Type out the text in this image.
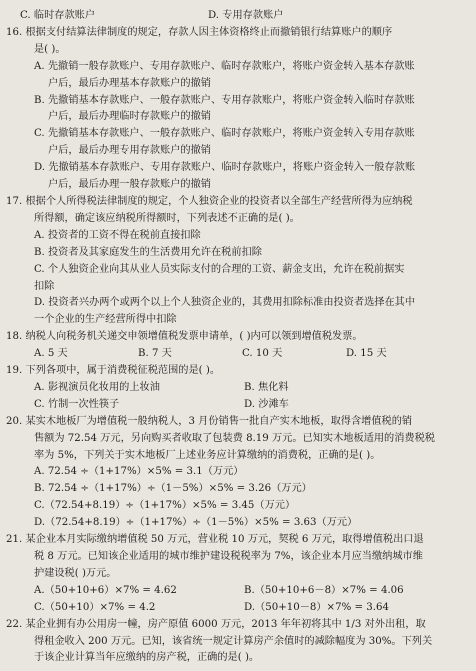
C. 临时存款账户	D. 专用存款账户
16. 根据支付结算法律制度的规定，存款人因主体资格终止而撤销银行结算账户的顺序
是( )。
A. 先撤销一般存款账户、专用存款账户、临时存款账户，将账户资金转入基本存款账
户后，最后办理基本存款账户的撤销
B. 先撤销基本存款账户、一般存款账户、专用存款账户，将账户资金转入临时存款账
户后，最后办理临时存款账户的撤销
C. 先撤销基本存款账户、一般存款账户、临时存款账户，将账户资金转入专用存款账
户后，最后办理专用存款账户的撤销
D. 先撤销基本存款账户、专用存款账户、临时存款账户，将账户资金转入一般存款账
户后，最后办理一般存款账户的撤销
17. 根据个人所得税法律制度的规定，个人独资企业的投资者以全部生产经营所得为应纳税
所得额，确定该应纳税所得额时，下列表述不正确的是( )。
A. 投资者的工资不得在税前直接扣除
B. 投资者及其家庭发生的生活费用允许在税前扣除
C. 个人独资企业向其从业人员实际支付的合理的工资、薪金支出，允许在税前据实
扣除
D. 投资者兴办两个或两个以上个人独资企业的，其费用扣除标准由投资者选择在其中
一个企业的生产经营所得中扣除
18. 纳税人向税务机关递交申领增值税发票申请单，( )内可以领到增值税发票。
A. 5 天	B. 7 天	C. 10 天	D. 15 天
19. 下列各项中，属于消费税征税范围的是( )。
A. 影视演员化妆用的上妆油	B. 焦化料
C. 竹制一次性筷子	D. 沙滩车
20. 某实木地板厂为增值税一般纳税人，3 月份销售一批自产实木地板，取得含增值税的销
售额为 72.54 万元，另向购买者收取了包装费 8.19 万元。已知实木地板适用的消费税税
率为 5%，下列关于实木地板厂上述业务应计算缴纳的消费税，正确的是( )。
A. 72.54 ÷（1+17%）×5% = 3.1（万元）
B. 72.54 ÷（1+17%）÷（1－5%）×5% = 3.26（万元）
C.（72.54+8.19）÷（1+17%）×5% = 3.45（万元）
D.（72.54+8.19）÷（1+17%）÷（1－5%）×5% = 3.63（万元）
21. 某企业本月实际缴纳增值税 50 万元，营业税 10 万元，契税 6 万元，取得增值税出口退
税 8 万元。已知该企业适用的城市维护建设税税率为 7%，该企业本月应当缴纳城市维
护建设税( )万元。
A.（50+10+6）×7% = 4.62	B.（50+10+6－8）×7% = 4.06
C.（50+10）×7% = 4.2	D.（50+10－8）×7% = 3.64
22. 某企业拥有办公用房一幢，房产原值 6000 万元，2013 年年初将其中 1/3 对外出租，取
得租金收入 200 万元。已知，该省统一规定计算房产余值时的减除幅度为 30%。下列关
于该企业计算当年应缴纳的房产税，正确的是( )。
